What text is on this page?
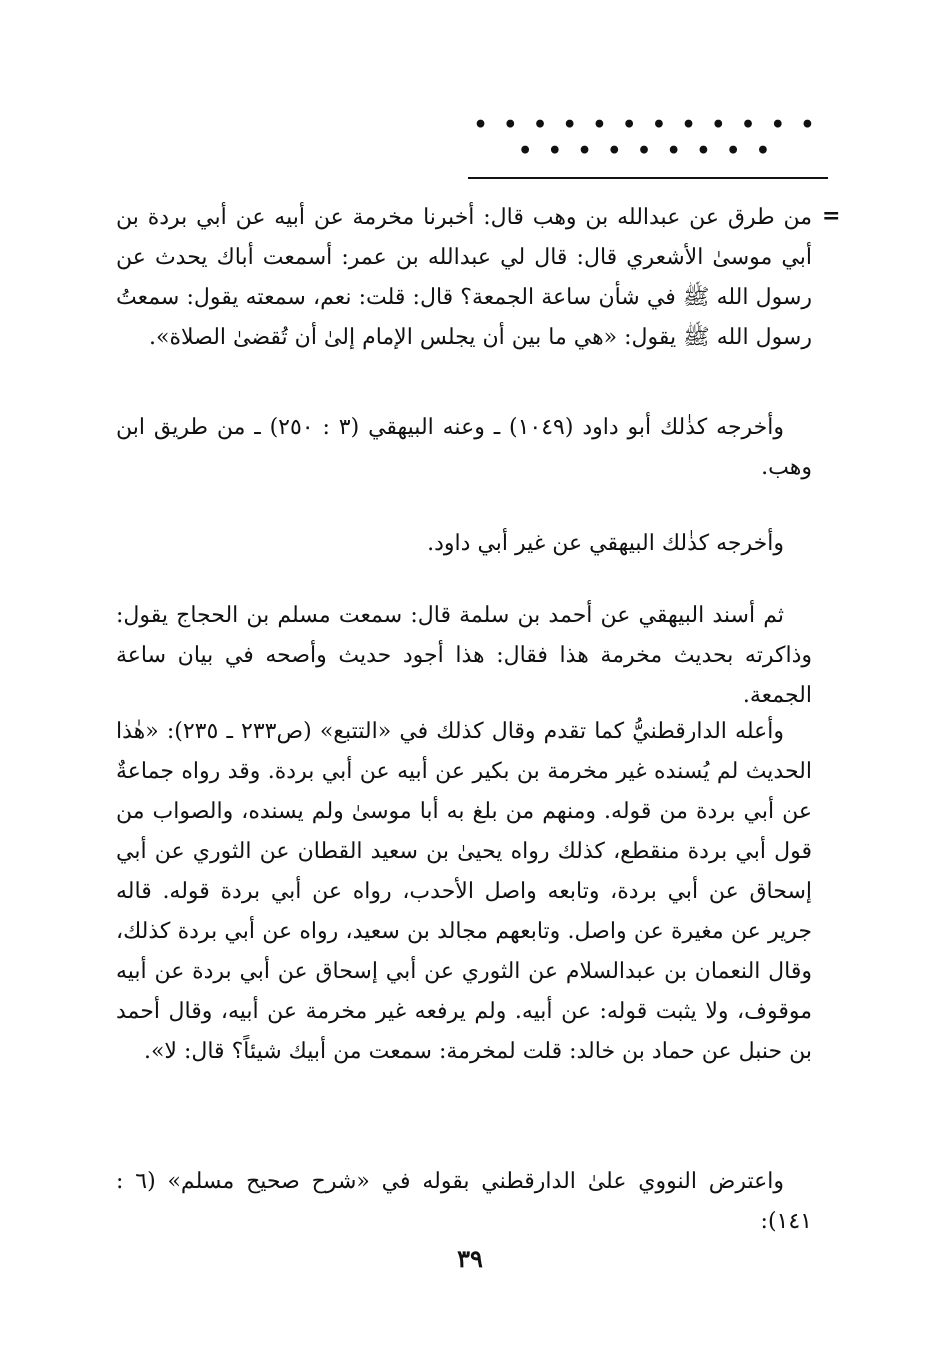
• • • • • • • • • • • • • • • • • • • • •
=

من طرق عن عبدالله بن وهب قال: أخبرنا مخرمة عن أبيه عن أبي بردة بن أبي موسىٰ الأشعري قال: قال لي عبدالله بن عمر: أسمعت أباك يحدث عن رسول الله ﷺ في شأن ساعة الجمعة؟ قال: قلت: نعم، سمعته يقول: سمعتُ رسول الله ﷺ يقول: «هي ما بين أن يجلس الإمام إلىٰ أن تُقضىٰ الصلاة».

وأخرجه كذٰلك أبو داود (١٠٤٩) ـ وعنه البيهقي (٣ : ٢٥٠) ـ من طريق ابن وهب.

وأخرجه كذٰلك البيهقي عن غير أبي داود.

ثم أسند البيهقي عن أحمد بن سلمة قال: سمعت مسلم بن الحجاج يقول: وذاكرته بحديث مخرمة هذا فقال: هذا أجود حديث وأصحه في بيان ساعة الجمعة.

وأعله الدارقطنيُّ كما تقدم وقال كذلك في «التتبع» (ص٢٣٣ ـ ٢٣٥): «هٰذا الحديث لم يُسنده غير مخرمة بن بكير عن أبيه عن أبي بردة. وقد رواه جماعةٌ عن أبي بردة من قوله. ومنهم من بلغ به أبا موسىٰ ولم يسنده، والصواب من قول أبي بردة منقطع، كذلك رواه يحيىٰ بن سعيد القطان عن الثوري عن أبي إسحاق عن أبي بردة، وتابعه واصل الأحدب، رواه عن أبي بردة قوله. قاله جرير عن مغيرة عن واصل. وتابعهم مجالد بن سعيد، رواه عن أبي بردة كذلك، وقال النعمان بن عبدالسلام عن الثوري عن أبي إسحاق عن أبي بردة عن أبيه موقوف، ولا يثبت قوله: عن أبيه. ولم يرفعه غير مخرمة عن أبيه، وقال أحمد بن حنبل عن حماد بن خالد: قلت لمخرمة: سمعت من أبيك شيئاً؟ قال: لا».

واعترض النووي علىٰ الدارقطني بقوله في «شرح صحيح مسلم» (٦ : ١٤١):

٣٩
